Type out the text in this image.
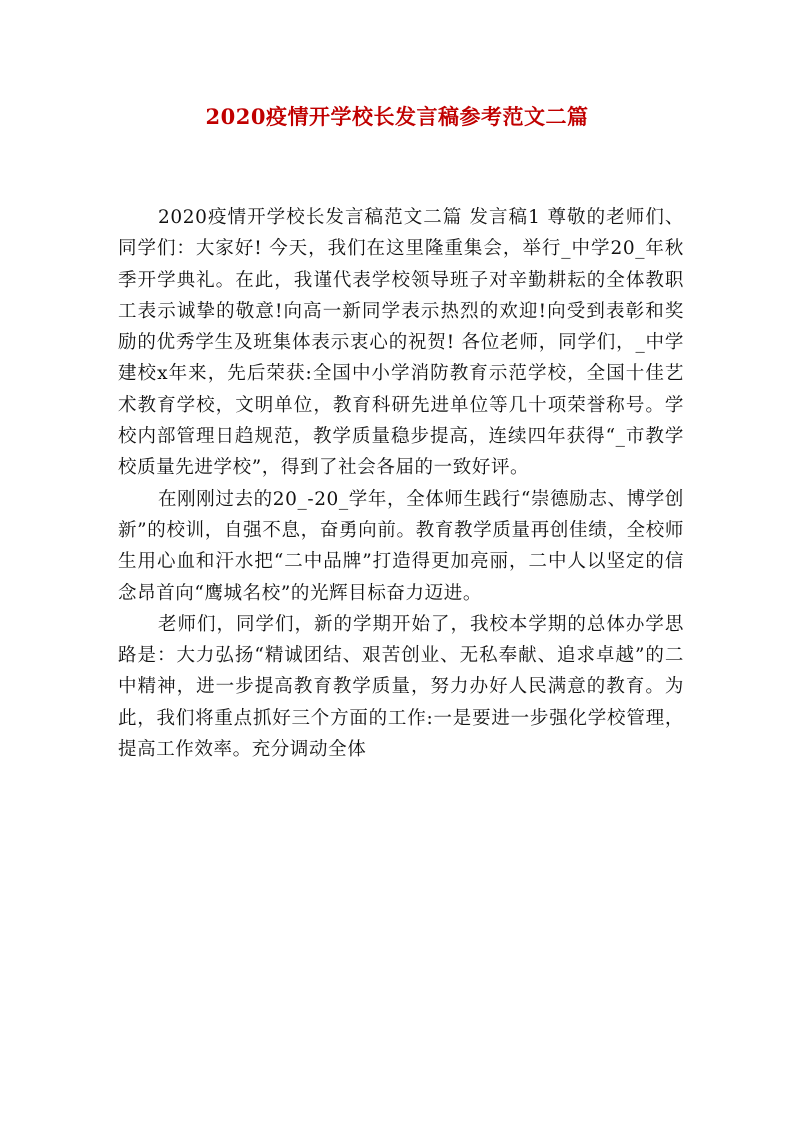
2020疫情开学校长发言稿参考范文二篇

2020疫情开学校长发言稿范文二篇 发言稿1 尊敬的老师们、同学们：大家好! 今天，我们在这里隆重集会，举行_中学20_年秋季开学典礼。在此，我谨代表学校领导班子对辛勤耕耘的全体教职工表示诚挚的敬意!向高一新同学表示热烈的欢迎!向受到表彰和奖励的优秀学生及班集体表示衷心的祝贺! 各位老师，同学们，_中学建校x年来，先后荣获:全国中小学消防教育示范学校，全国十佳艺术教育学校，文明单位，教育科研先进单位等几十项荣誉称号。学校内部管理日趋规范，教学质量稳步提高，连续四年获得“_市教学校质量先进学校”，得到了社会各届的一致好评。

在刚刚过去的20_-20_学年，全体师生践行“崇德励志、博学创新”的校训，自强不息，奋勇向前。教育教学质量再创佳绩，全校师生用心血和汗水把“二中品牌”打造得更加亮丽，二中人以坚定的信念昂首向“鹰城名校”的光辉目标奋力迈进。

老师们，同学们，新的学期开始了，我校本学期的总体办学思路是：大力弘扬“精诚团结、艰苦创业、无私奉献、追求卓越”的二中精神，进一步提高教育教学质量，努力办好人民满意的教育。为此，我们将重点抓好三个方面的工作:一是要进一步强化学校管理，提高工作效率。充分调动全体
